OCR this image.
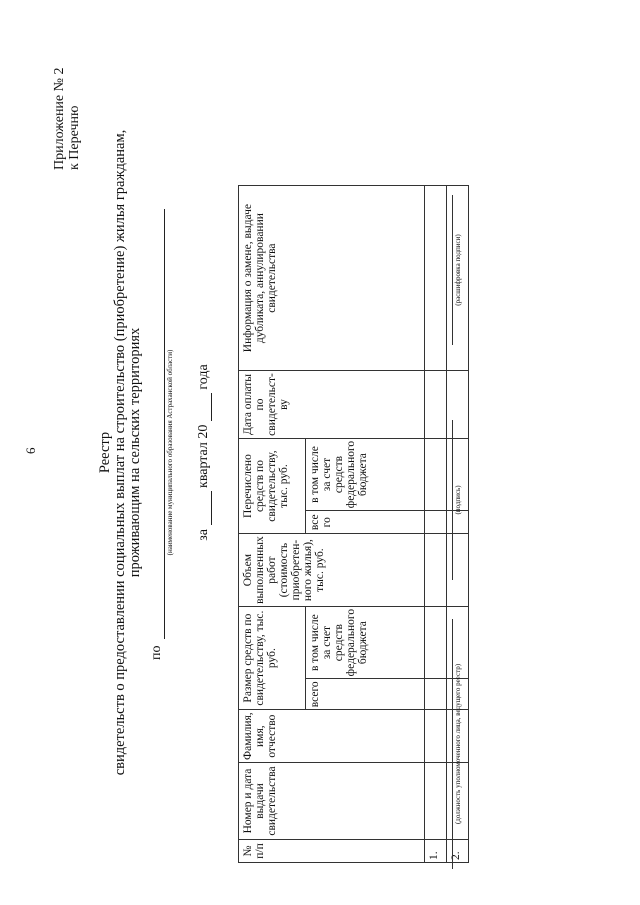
6
Приложение № 2 к Перечню
Реестр свидетельств о предоставлении социальных выплат на строительство (приобретение) жилья гражданам, проживающим на сельских территориях
по
(наименование муниципального образования Астраханской области) за  квартал 20  года
№ п/п	Номер и дата выдачи свидетельства	Фамилия, имя, отчество	Размер средств по свидетельству, тыс. руб.		Объем выполненных работ (стоимость приобретен-ного жилья), тыс. руб.	Перечислено средств по свидетельству, тыс. руб.		Дата оплаты по свидетельст-ву	Информация о замене, выдаче дубликата, аннулировании свидетельства
			всего	в том числе за счет средств федерального бюджета		все го	в том числе за счет средств федерального бюджета		
1.									
2.									
(должность уполномоченного лица, ведущего реестр)
(подпись)
(расшифровка подписи)
